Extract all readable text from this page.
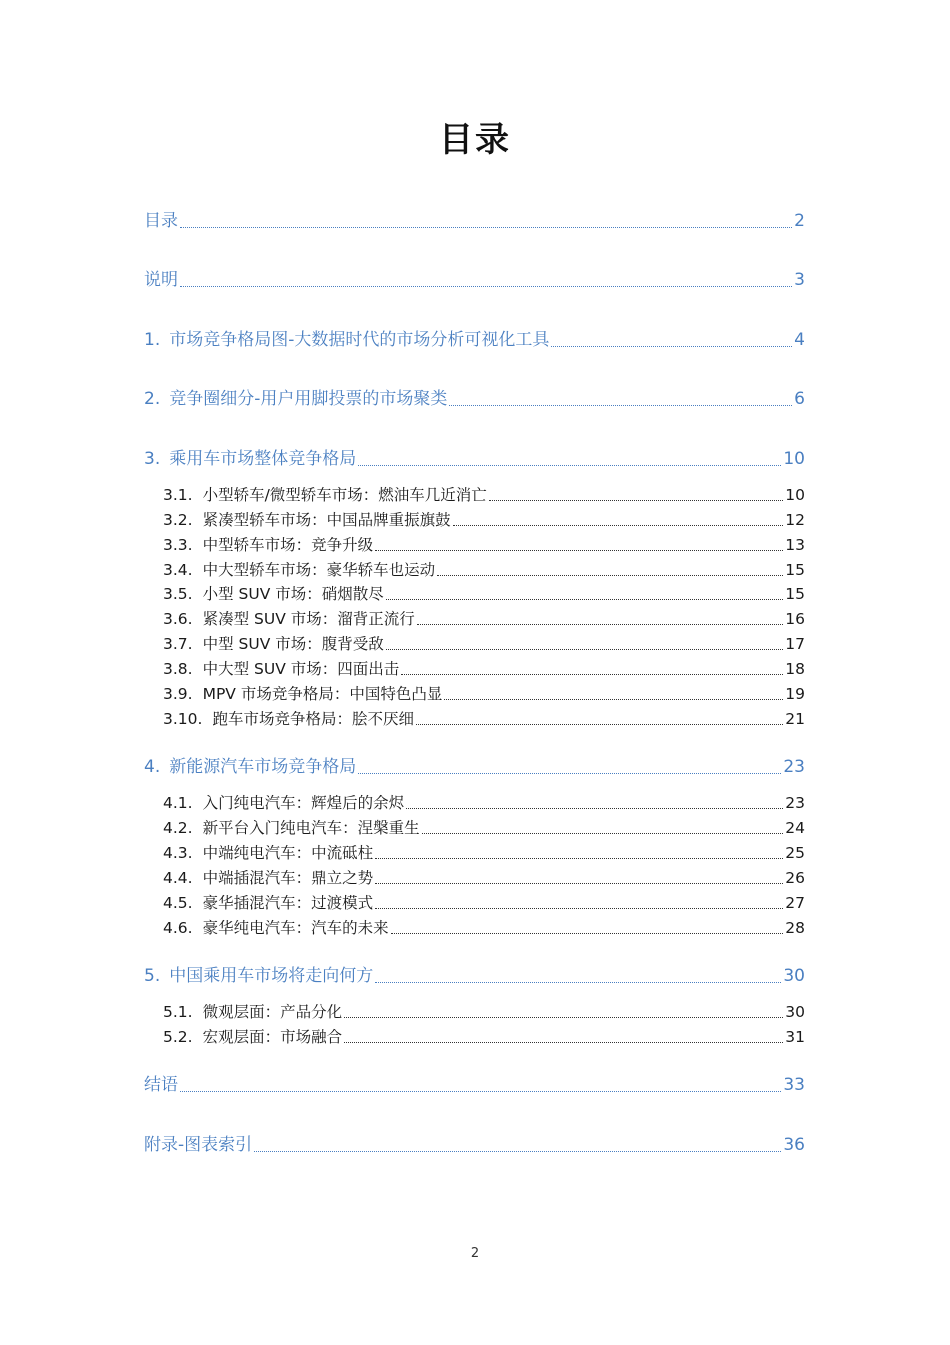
目录
目录	2
说明	3
1. 市场竞争格局图-大数据时代的市场分析可视化工具	4
2. 竞争圈细分-用户用脚投票的市场聚类	6
3. 乘用车市场整体竞争格局	10
3.1. 小型轿车/微型轿车市场：燃油车几近消亡	10
3.2. 紧凑型轿车市场：中国品牌重振旗鼓	12
3.3. 中型轿车市场：竞争升级	13
3.4. 中大型轿车市场：豪华轿车也运动	15
3.5. 小型 SUV 市场：硝烟散尽	15
3.6. 紧凑型 SUV 市场：溜背正流行	16
3.7. 中型 SUV 市场：腹背受敌	17
3.8. 中大型 SUV 市场：四面出击	18
3.9. MPV 市场竞争格局：中国特色凸显	19
3.10. 跑车市场竞争格局：脍不厌细	21
4. 新能源汽车市场竞争格局	23
4.1. 入门纯电汽车：辉煌后的余烬	23
4.2. 新平台入门纯电汽车：涅槃重生	24
4.3. 中端纯电汽车：中流砥柱	25
4.4. 中端插混汽车：鼎立之势	26
4.5. 豪华插混汽车：过渡模式	27
4.6. 豪华纯电汽车：汽车的未来	28
5. 中国乘用车市场将走向何方	30
5.1. 微观层面：产品分化	30
5.2. 宏观层面：市场融合	31
结语	33
附录-图表索引	36
2
